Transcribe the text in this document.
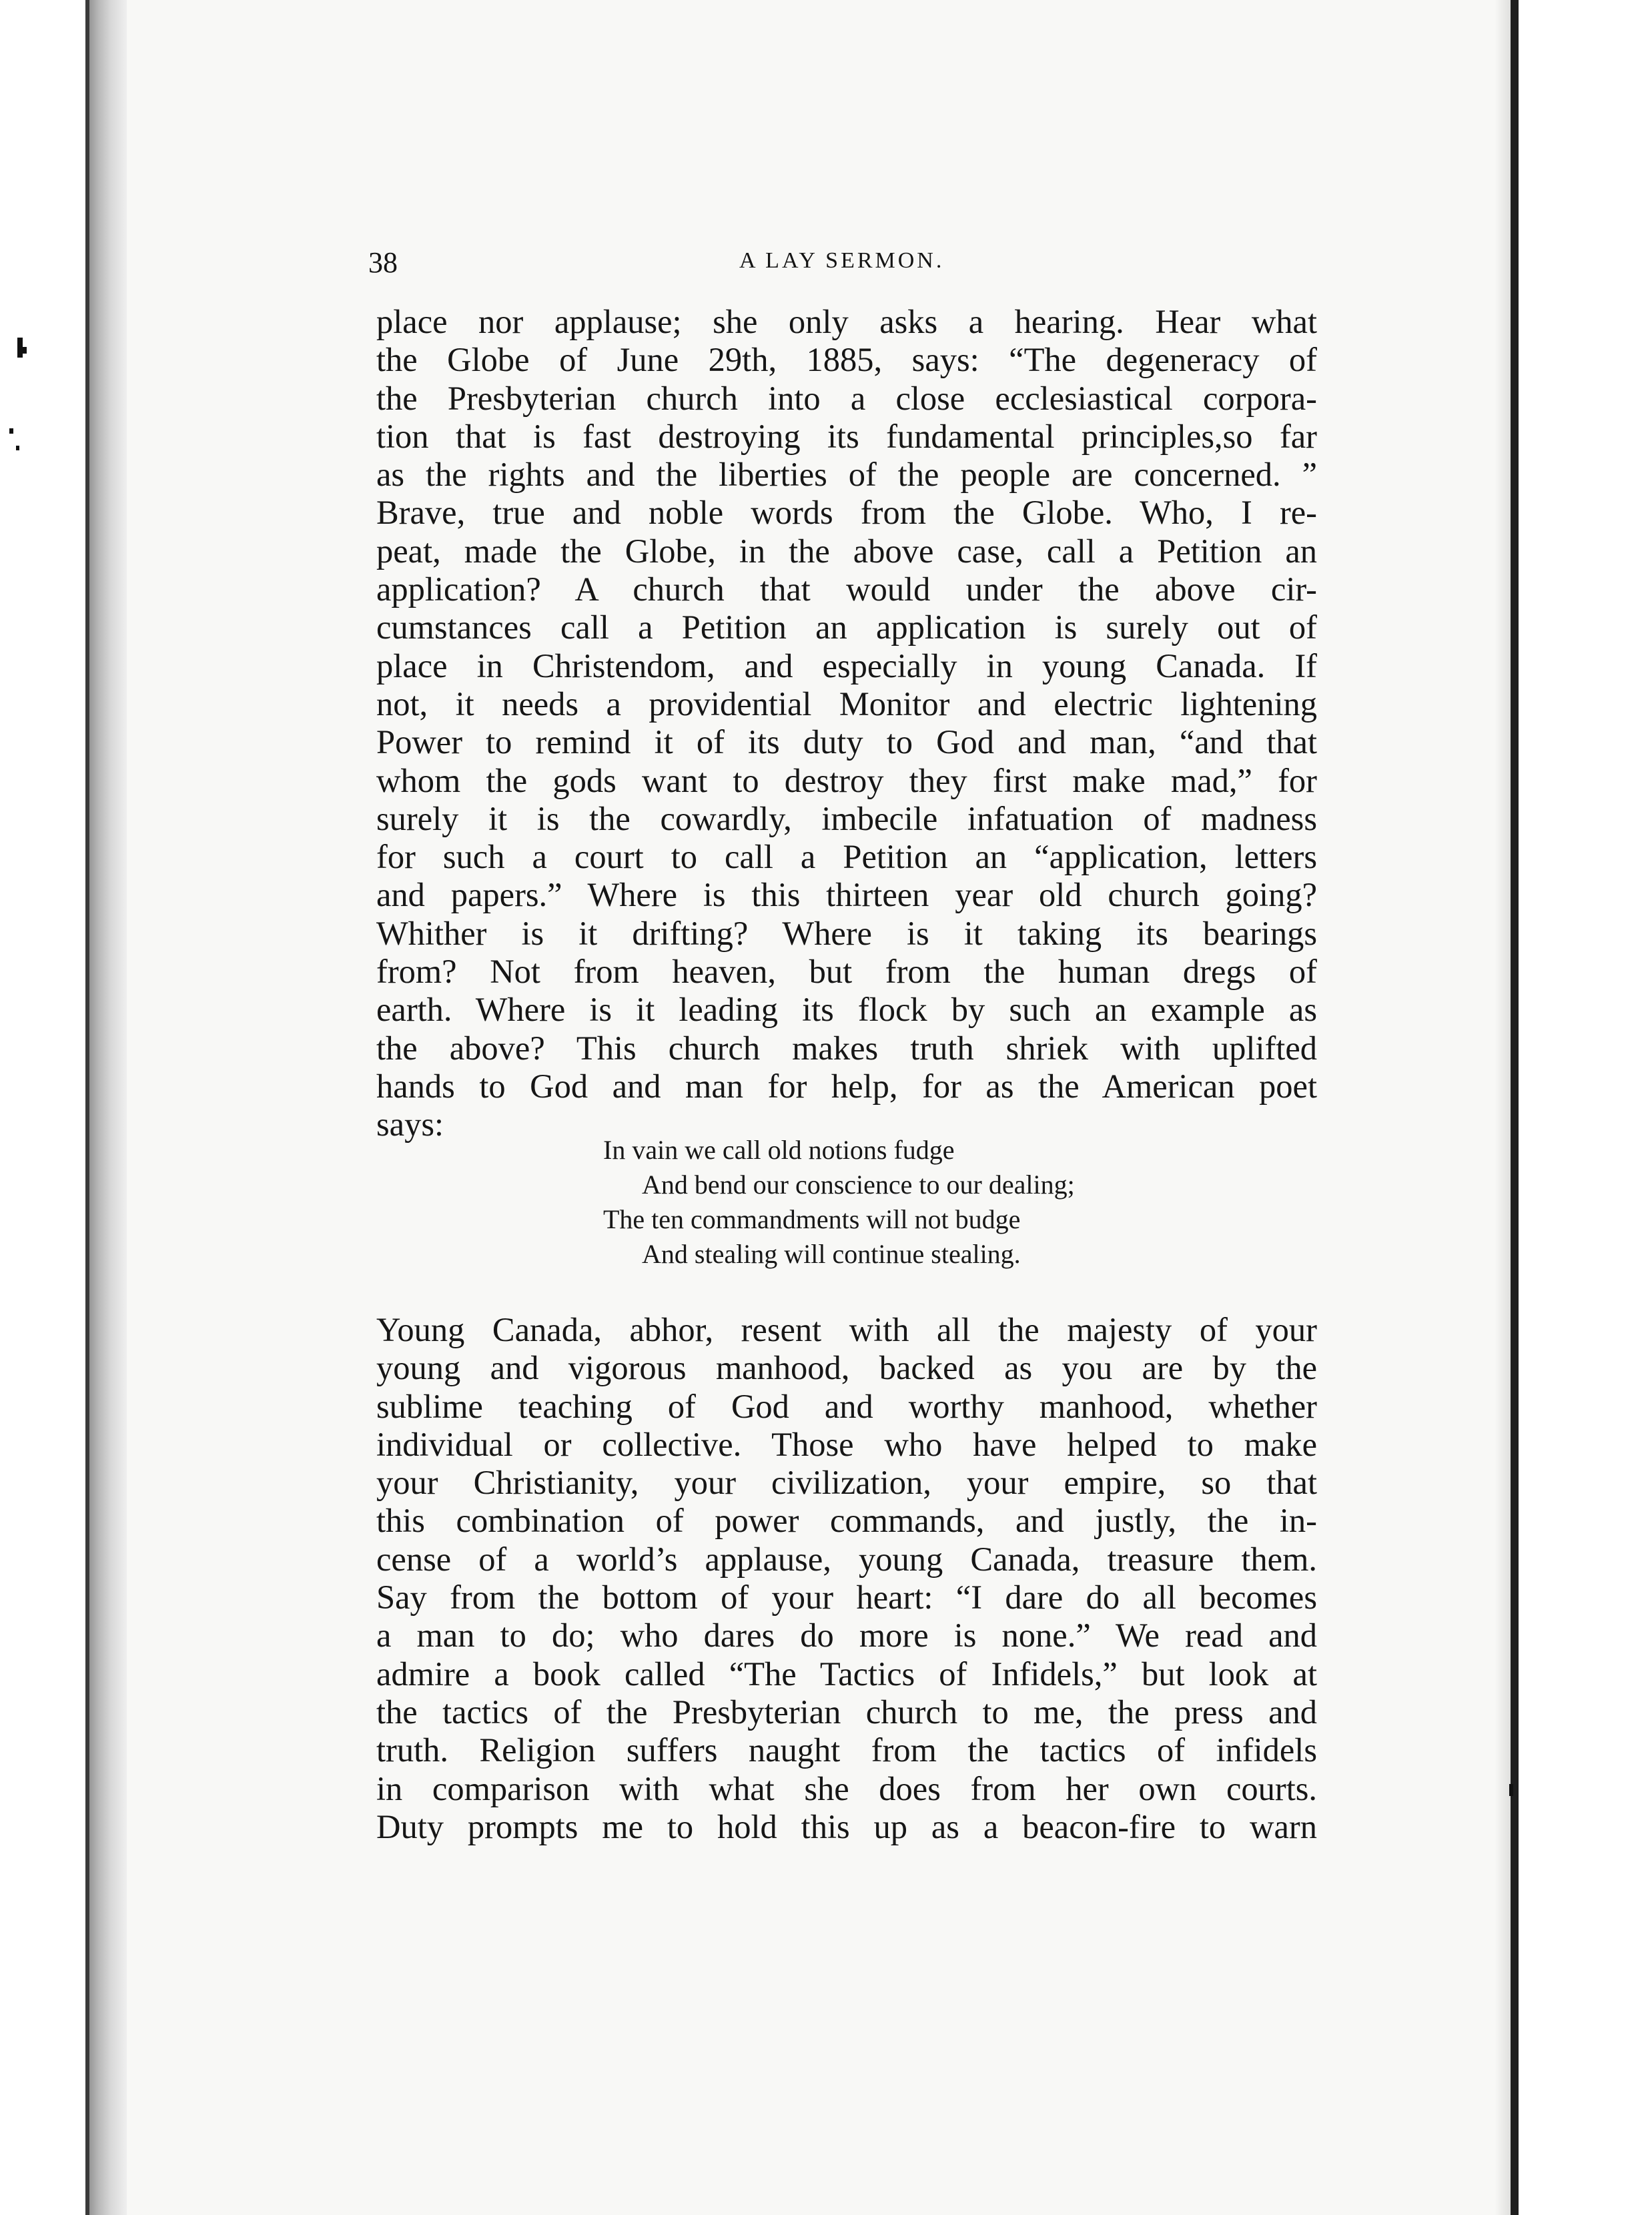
38	A LAY SERMON.
place nor applause; she only asks a hearing. Hear what
the Globe of June 29th, 1885, says: “The degeneracy of
the Presbyterian church into a close ecclesiastical corpora-
tion that is fast destroying its fundamental principles,so far
as the rights and the liberties of the people are concerned. ”
Brave, true and noble words from the Globe. Who, I re-
peat, made the Globe, in the above case, call a Petition an
application? A church that would under the above cir-
cumstances call a Petition an application is surely out of
place in Christendom, and especially in young Canada. If
not, it needs a providential Monitor and electric lightening
Power to remind it of its duty to God and man, “and that
whom the gods want to destroy they first make mad,” for
surely it is the cowardly, imbecile infatuation of madness
for such a court to call a Petition an “application, letters
and papers.” Where is this thirteen year old church going?
Whither is it drifting? Where is it taking its bearings
from? Not from heaven, but from the human dregs of
earth. Where is it leading its flock by such an example as
the above? This church makes truth shriek with uplifted
hands to God and man for help, for as the American poet
says:
In vain we call old notions fudge
And bend our conscience to our dealing;
The ten commandments will not budge
And stealing will continue stealing.
Young Canada, abhor, resent with all the majesty of your
young and vigorous manhood, backed as you are by the
sublime teaching of God and worthy manhood, whether
individual or collective. Those who have helped to make
your Christianity, your civilization, your empire, so that
this combination of power commands, and justly, the in-
cense of a world’s applause, young Canada, treasure them.
Say from the bottom of your heart: “I dare do all becomes
a man to do; who dares do more is none.” We read and
admire a book called “The Tactics of Infidels,” but look at
the tactics of the Presbyterian church to me, the press and
truth. Religion suffers naught from the tactics of infidels
in comparison with what she does from her own courts.
Duty prompts me to hold this up as a beacon-fire to warn
